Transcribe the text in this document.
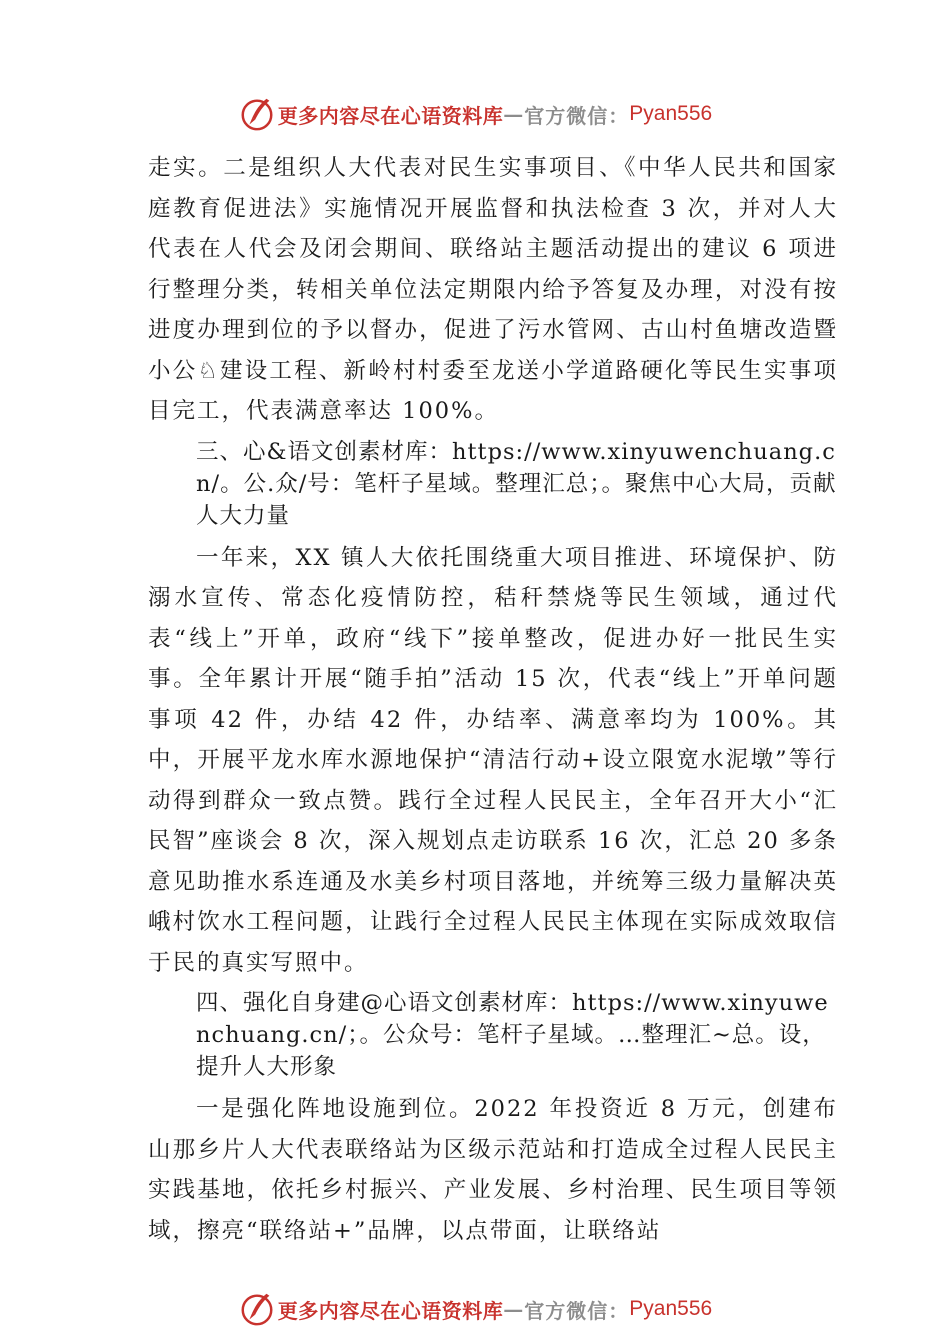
更多内容尽在心语资料库 — 官方微信： Pyan556

走实。二是组织人大代表对民生实事项目、《中华人民共和国家庭教育促进法》实施情况开展监督和执法检查 3 次，并对人大代表在人代会及闭会期间、联络站主题活动提出的建议 6 项进行整理分类，转相关单位法定期限内给予答复及办理，对没有按进度办理到位的予以督办，促进了污水管网、古山村鱼塘改造暨小公♘建设工程、新岭村村委至龙送小学道路硬化等民生实事项目完工，代表满意率达 100%。

三、心&语文创素材库：https://www.xinyuwenchuang.cn/。公.众/号：笔杆子星域。整理汇总；。聚焦中心大局，贡献人大力量

一年来，XX 镇人大依托围绕重大项目推进、环境保护、防溺水宣传、常态化疫情防控，秸秆禁烧等民生领域，通过代表“线上”开单，政府“线下”接单整改，促进办好一批民生实事。全年累计开展“随手拍”活动 15 次，代表“线上”开单问题事项 42 件，办结 42 件，办结率、满意率均为 100%。其中，开展平龙水库水源地保护“清洁行动+设立限宽水泥墩”等行动得到群众一致点赞。践行全过程人民民主，全年召开大小“汇民智”座谈会 8 次，深入规划点走访联系 16 次，汇总 20 多条意见助推水系连通及水美乡村项目落地，并统筹三级力量解决英峨村饮水工程问题，让践行全过程人民民主体现在实际成效取信于民的真实写照中。

四、强化自身建@心语文创素材库：https://www.xinyuwenchuang.cn/；。公众号：笔杆子星域。…整理汇~总。设，提升人大形象

一是强化阵地设施到位。2022 年投资近 8 万元，创建布山那乡片人大代表联络站为区级示范站和打造成全过程人民民主实践基地，依托乡村振兴、产业发展、乡村治理、民生项目等领域，擦亮“联络站+”品牌，以点带面，让联络站

更多内容尽在心语资料库 — 官方微信： Pyan556
